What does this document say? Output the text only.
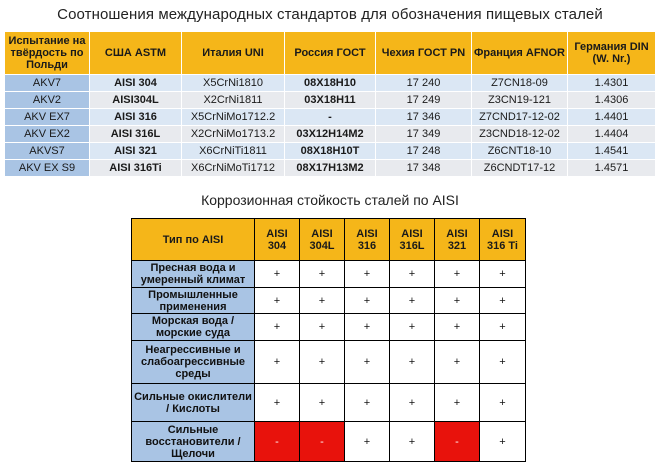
Соотношения международных стандартов для обозначения пищевых сталей
Испытание на твёрдость по Польди	США ASTM	Италия UNI	Россия ГОСТ	Чехия ГОСТ PN	Франция AFNOR	Германия DIN (W. Nr.)
AKV7	AISI 304	X5CrNi1810	08X18H10	17 240	Z7CN18-09	1.4301
AKV2	AISI304L	X2CrNi1811	03X18H11	17 249	Z3CN19-121	1.4306
AKV EX7	AISI 316	X5CrNiMo1712.2	-	17 346	Z7CND17-12-02	1.4401
AKV EX2	AISI 316L	X2CrNiMo1713.2	03X12H14M2	17 349	Z3CND18-12-02	1.4404
AKVS7	AISI 321	X6CrNiTi1811	08X18H10T	17 248	Z6CNT18-10	1.4541
AKV EX S9	AISI 316Ti	X6CrNiMoTi1712	08X17H13M2	17 348	Z6CNDT17-12	1.4571
Коррозионная стойкость сталей по AISI
Тип по AISI	AISI 304	AISI 304L	AISI 316	AISI 316L	AISI 321	AISI 316 Ti
Пресная вода и умеренный климат	+	+	+	+	+	+
Промышленные применения	+	+	+	+	+	+
Морская вода / морские суда	+	+	+	+	+	+
Неагрессивные и слабоагрессивные среды	+	+	+	+	+	+
Сильные окислители / Кислоты	+	+	+	+	+	+
Сильные восстановители / Щелочи	-	-	+	+	-	+
